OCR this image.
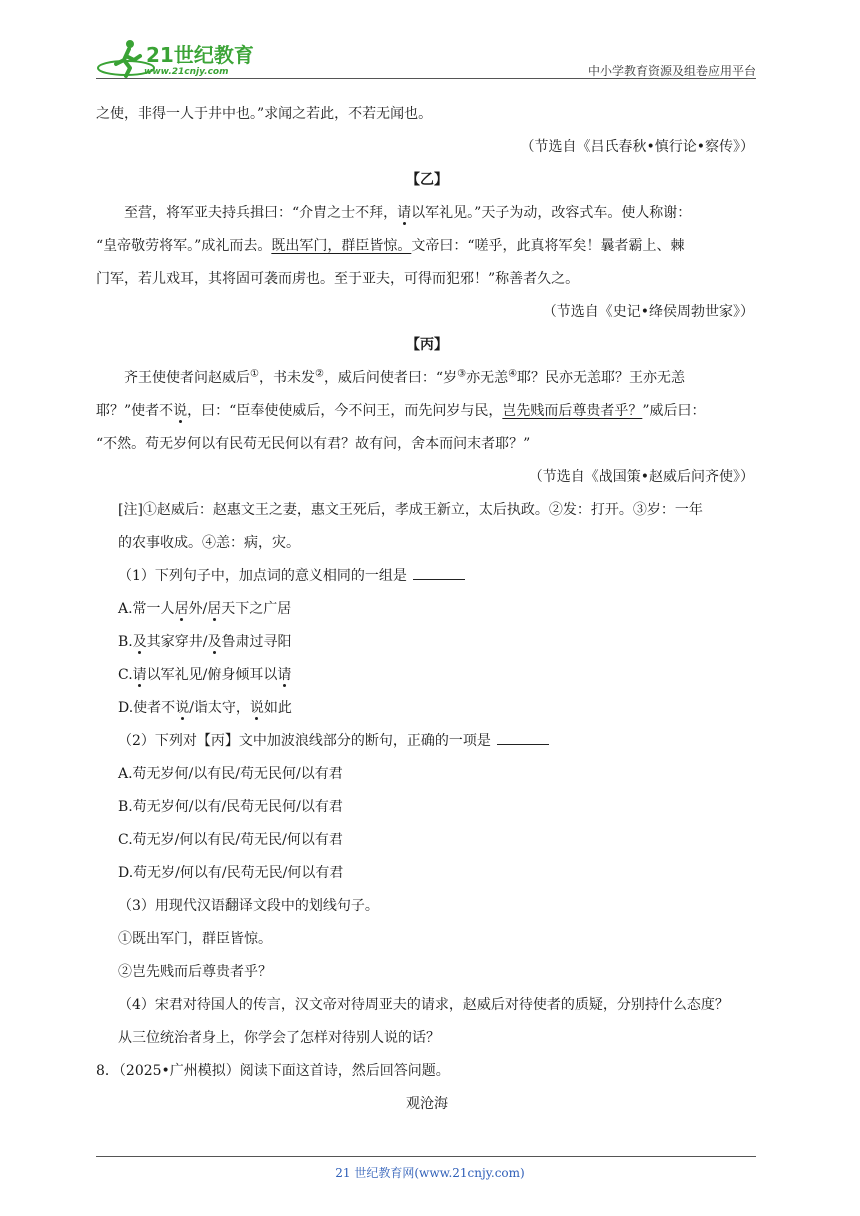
21世纪教育
www.21cnjy.com	中小学教育资源及组卷应用平台

之使，非得一人于井中也。”求闻之若此，不若无闻也。

（节选自《吕氏春秋•慎行论•察传》）

【乙】

至营，将军亚夫持兵揖曰：“介胄之士不拜，请以军礼见。”天子为动，改容式车。使人称谢：

“皇帝敬劳将军。”成礼而去。既出军门，群臣皆惊。文帝曰：“嗟乎，此真将军矣！曩者霸上、棘

门军，若儿戏耳，其将固可袭而虏也。至于亚夫，可得而犯邪！”称善者久之。

（节选自《史记•绛侯周勃世家》）

【丙】

齐王使使者问赵威后①，书未发②，威后问使者曰：“岁③亦无恙④耶？民亦无恙耶？王亦无恙

耶？”使者不说，曰：“臣奉使使威后，今不问王，而先问岁与民，岂先贱而后尊贵者乎？”威后曰：

“不然。苟无岁何以有民苟无民何以有君？故有问，舍本而问末者耶？”

（节选自《战国策•赵威后问齐使》）

[注]①赵威后：赵惠文王之妻，惠文王死后，孝成王新立，太后执政。②发：打开。③岁：一年

的农事收成。④恙：病，灾。

（1）下列句子中，加点词的意义相同的一组是

A.常一人居外/居天下之广居

B.及其家穿井/及鲁肃过寻阳

C.请以军礼见/俯身倾耳以请

D.使者不说/诣太守，说如此

（2）下列对【丙】文中加波浪线部分的断句，正确的一项是

A.苟无岁何/以有民/苟无民何/以有君

B.苟无岁何/以有/民苟无民何/以有君

C.苟无岁/何以有民/苟无民/何以有君

D.苟无岁/何以有/民苟无民/何以有君

（3）用现代汉语翻译文段中的划线句子。

①既出军门，群臣皆惊。

②岂先贱而后尊贵者乎？

（4）宋君对待国人的传言，汉文帝对待周亚夫的请求，赵威后对待使者的质疑，分别持什么态度？

从三位统治者身上，你学会了怎样对待别人说的话？

8．（2025•广州模拟）阅读下面这首诗，然后回答问题。

观沧海

21 世纪教育网(www.21cnjy.com)
